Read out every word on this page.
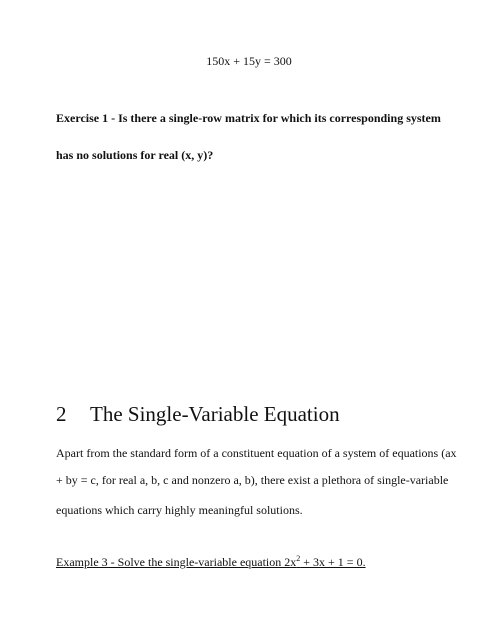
150x + 15y = 300
Exercise 1 - Is there a single-row matrix for which its corresponding system
has no solutions for real (x, y)?
2 The Single-Variable Equation
Apart from the standard form of a constituent equation of a system of equations (ax
+ by = c, for real a, b, c and nonzero a, b), there exist a plethora of single-variable
equations which carry highly meaningful solutions.
Example 3 - Solve the single-variable equation $2x^2 + 3x + 1 = 0$.
